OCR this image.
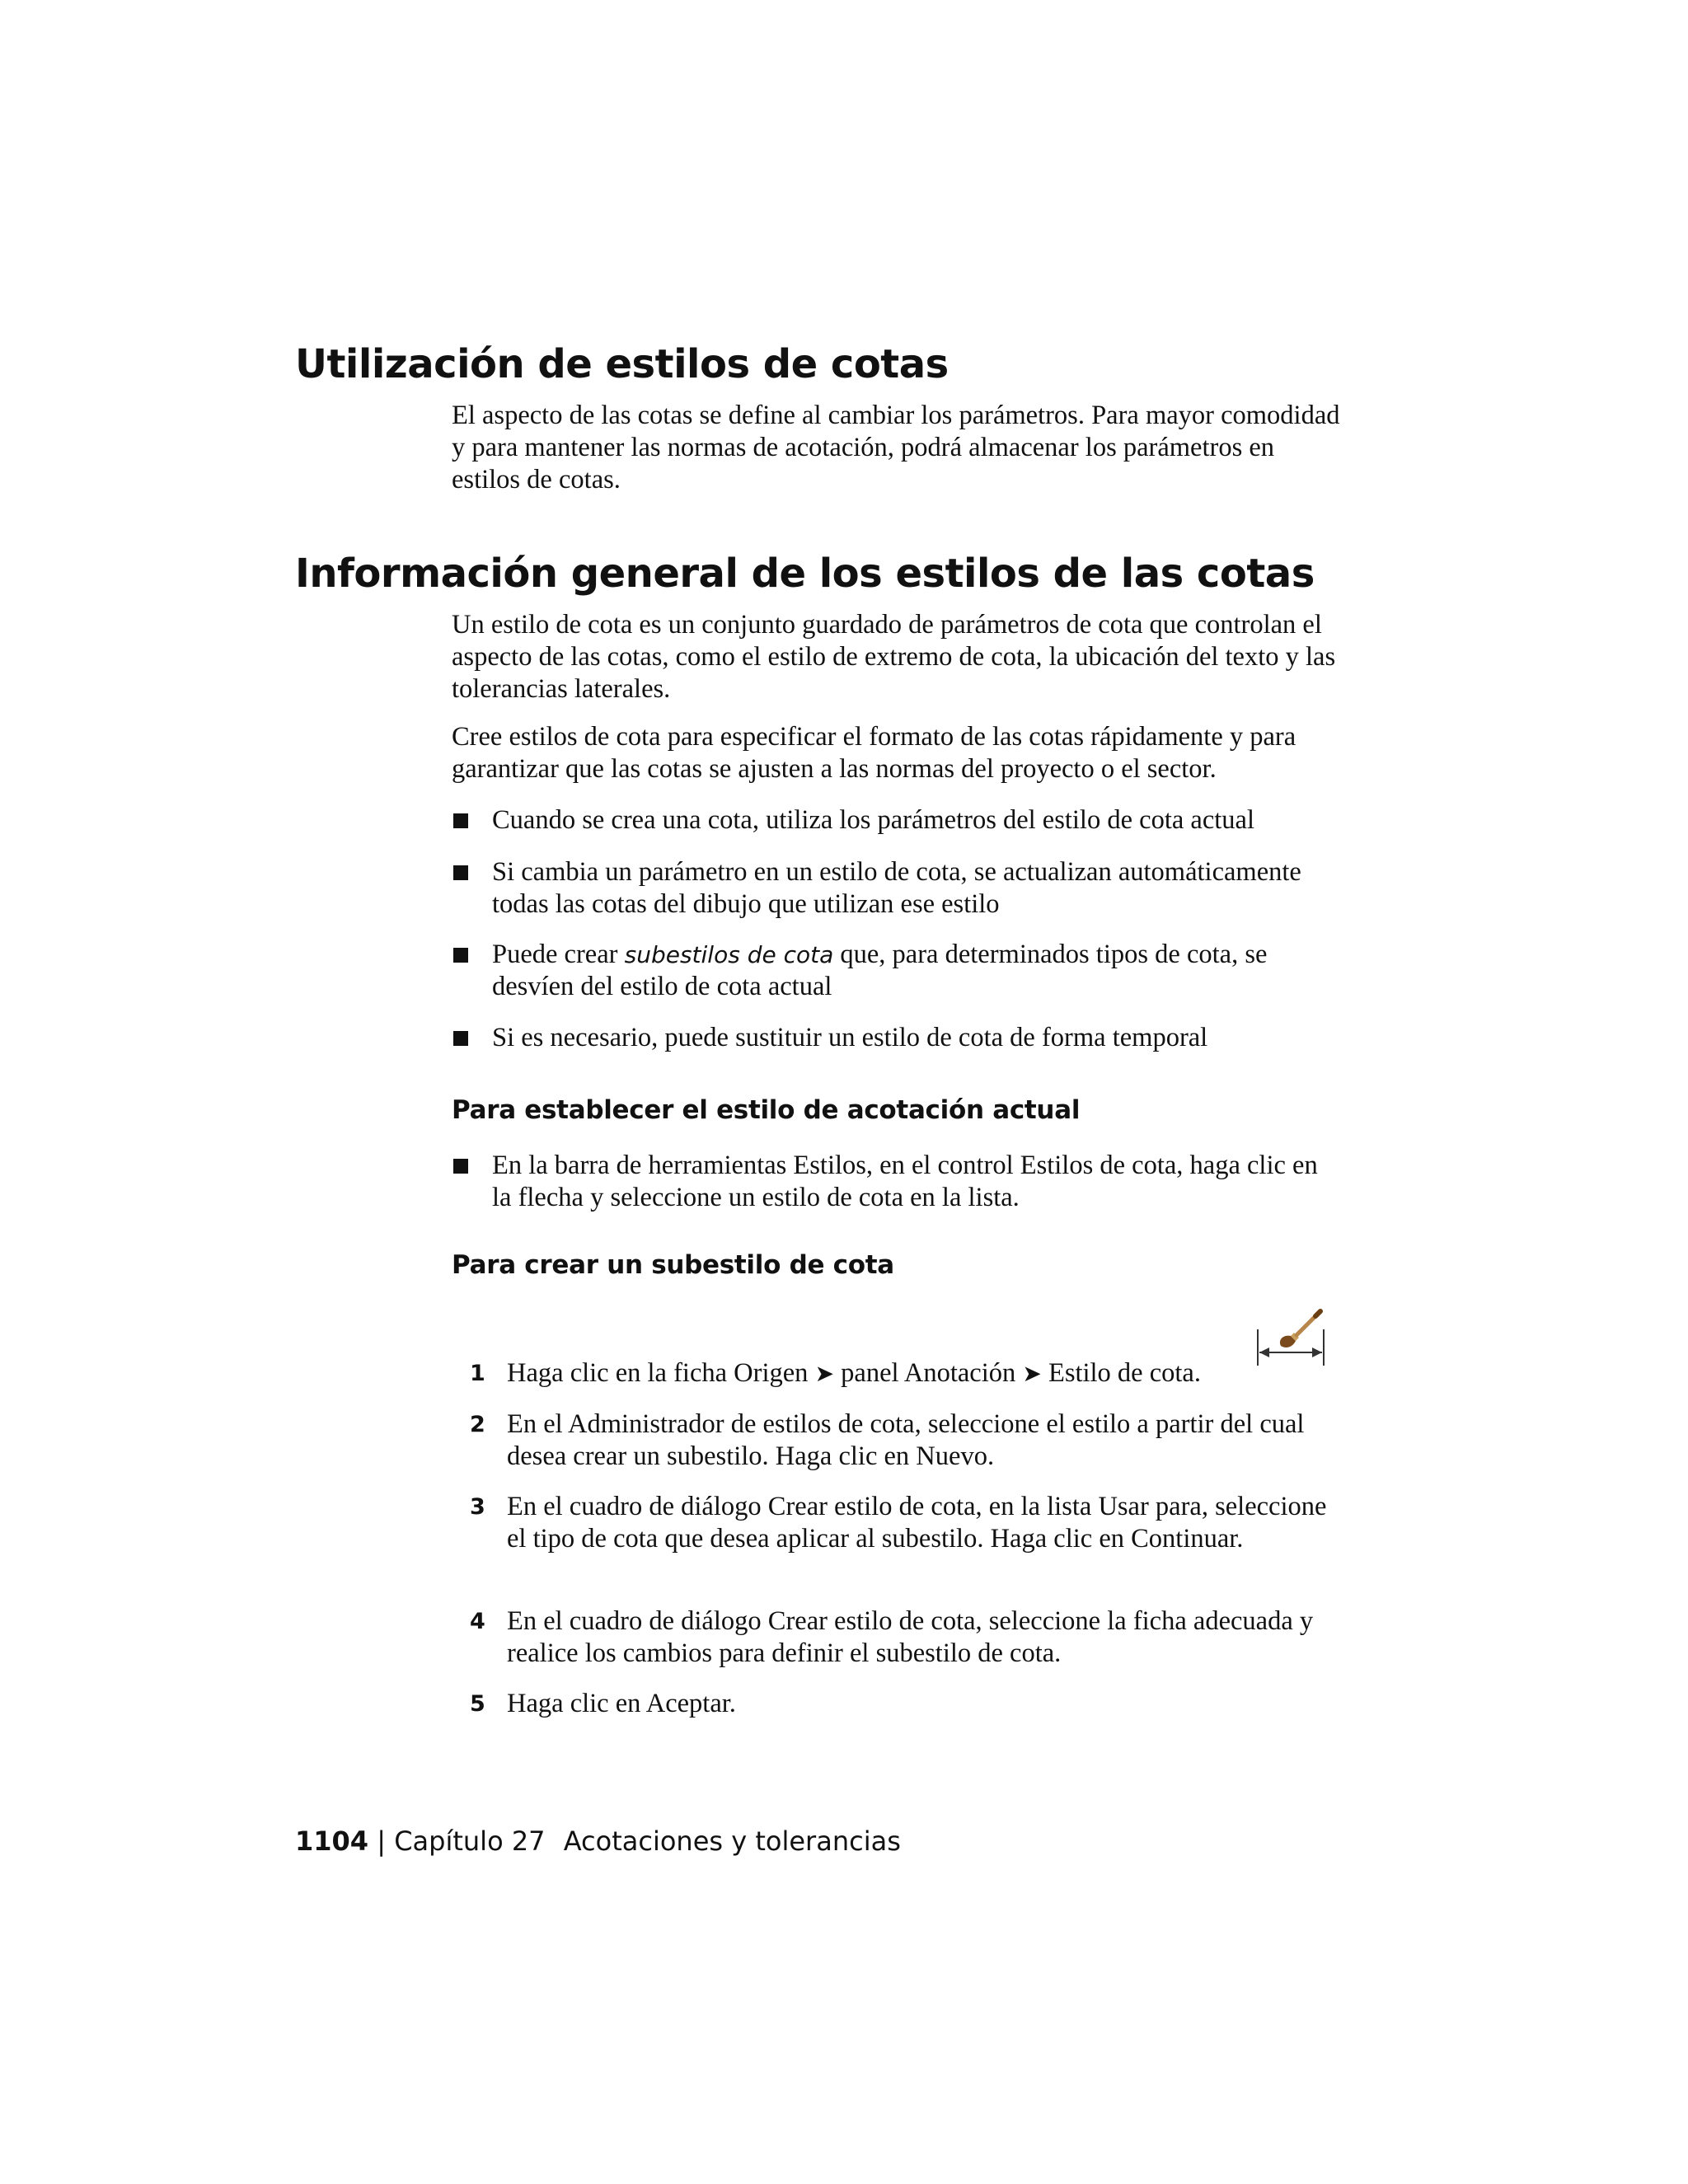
Utilización de estilos de cotas

El aspecto de las cotas se define al cambiar los parámetros. Para mayor comodidad y para mantener las normas de acotación, podrá almacenar los parámetros en estilos de cotas.

Información general de los estilos de las cotas

Un estilo de cota es un conjunto guardado de parámetros de cota que controlan el aspecto de las cotas, como el estilo de extremo de cota, la ubicación del texto y las tolerancias laterales.

Cree estilos de cota para especificar el formato de las cotas rápidamente y para garantizar que las cotas se ajusten a las normas del proyecto o el sector.

Cuando se crea una cota, utiliza los parámetros del estilo de cota actual
Si cambia un parámetro en un estilo de cota, se actualizan automáticamente todas las cotas del dibujo que utilizan ese estilo
Puede crear subestilos de cota que, para determinados tipos de cota, se desvíen del estilo de cota actual
Si es necesario, puede sustituir un estilo de cota de forma temporal
Para establecer el estilo de acotación actual
En la barra de herramientas Estilos, en el control Estilos de cota, haga clic en la flecha y seleccione un estilo de cota en la lista.
Para crear un subestilo de cota
1 Haga clic en la ficha Origen ➤ panel Anotación ➤ Estilo de cota.
2 En el Administrador de estilos de cota, seleccione el estilo a partir del cual desea crear un subestilo. Haga clic en Nuevo.
3 En el cuadro de diálogo Crear estilo de cota, en la lista Usar para, seleccione el tipo de cota que desea aplicar al subestilo. Haga clic en Continuar.
4 En el cuadro de diálogo Crear estilo de cota, seleccione la ficha adecuada y realice los cambios para definir el subestilo de cota.
5 Haga clic en Aceptar.
1104 | Capítulo 27 Acotaciones y tolerancias
